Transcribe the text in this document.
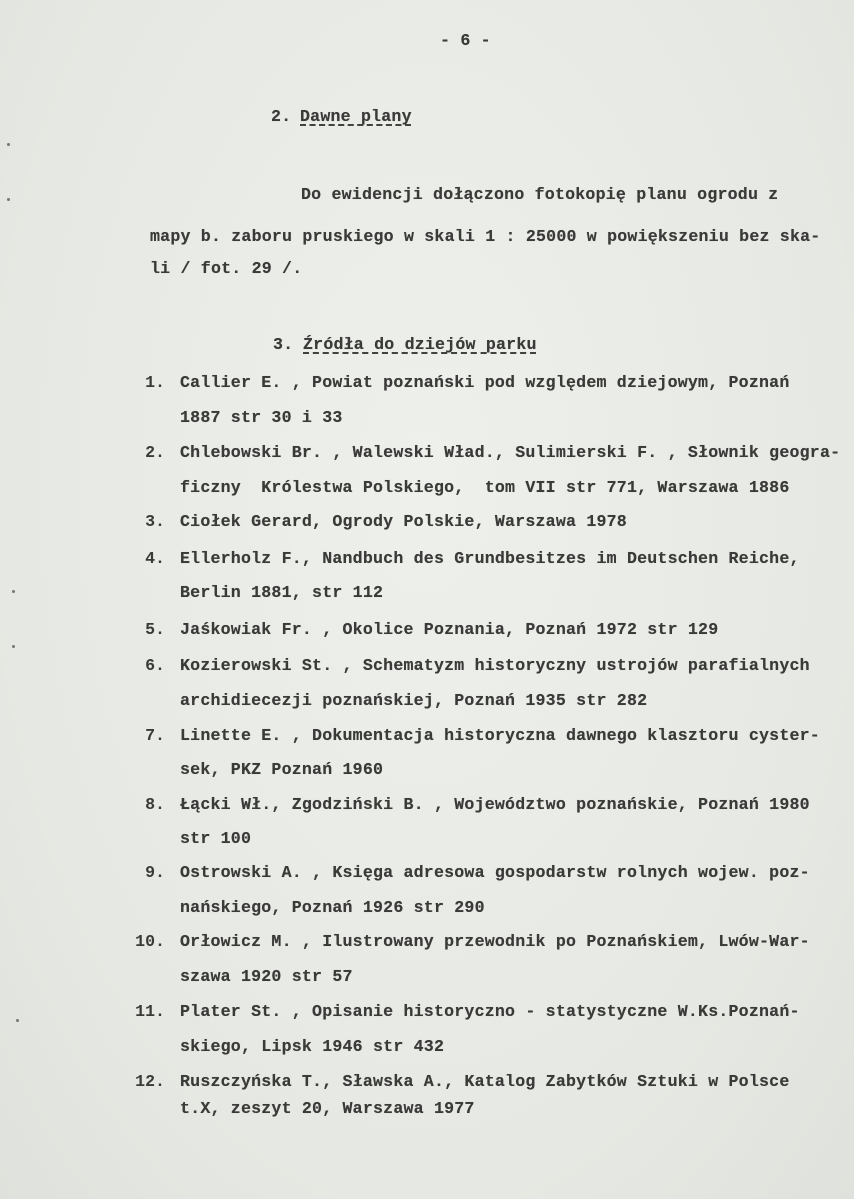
- 6 -
2. Dawne plany
Do ewidencji dołączono fotokopię planu ogrodu z
mapy b. zaboru pruskiego w skali 1 : 25000 w powiększeniu bez ska-
li / fot. 29 /.
3. Źródła do dziejów parku
1. Callier E. , Powiat poznański pod względem dziejowym, Poznań
1887 str 30 i 33
2. Chlebowski Br. , Walewski Wład., Sulimierski F. , Słownik geogra-
ficzny  Królestwa Polskiego,  tom VII str 771, Warszawa 1886
3. Ciołek Gerard, Ogrody Polskie, Warszawa 1978
4. Ellerholz F., Nandbuch des Grundbesitzes im Deutschen Reiche,
Berlin 1881, str 112
5. Jaśkowiak Fr. , Okolice Poznania, Poznań 1972 str 129
6. Kozierowski St. , Schematyzm historyczny ustrojów parafialnych
archidiecezji poznańskiej, Poznań 1935 str 282
7. Linette E. , Dokumentacja historyczna dawnego klasztoru cyster-
sek, PKZ Poznań 1960
8. Łącki Wł., Zgodziński B. , Województwo poznańskie, Poznań 1980
str 100
9. Ostrowski A. , Księga adresowa gospodarstw rolnych wojew. poz-
nańskiego, Poznań 1926 str 290
10. Orłowicz M. , Ilustrowany przewodnik po Poznańskiem, Lwów-War-
szawa 1920 str 57
11. Plater St. , Opisanie historyczno - statystyczne W.Ks.Poznań-
skiego, Lipsk 1946 str 432
12. Ruszczyńska T., Sławska A., Katalog Zabytków Sztuki w Polsce
t.X, zeszyt 20, Warszawa 1977
